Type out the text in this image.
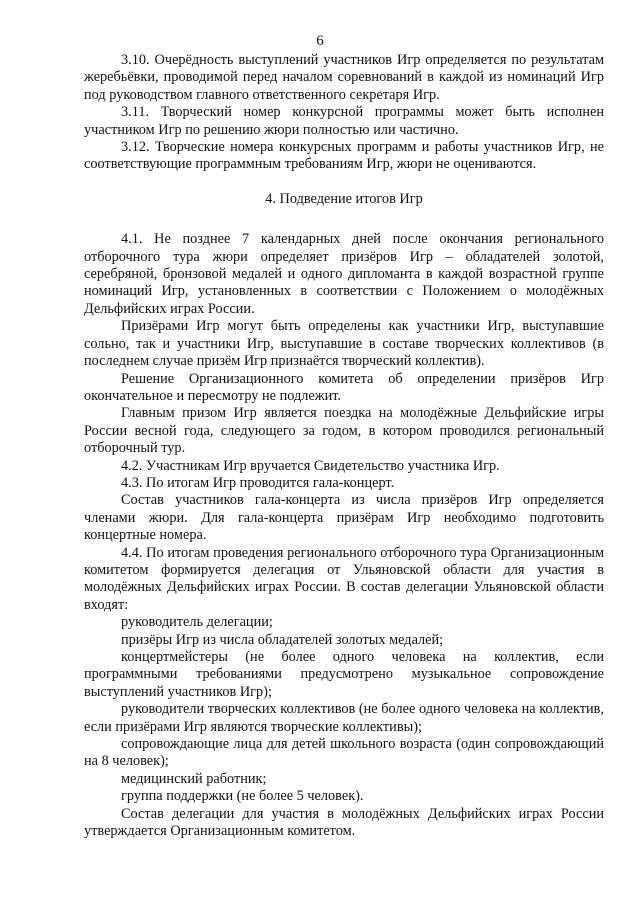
6

3.10. Очерёдность выступлений участников Игр определяется по результатам жеребьёвки, проводимой перед началом соревнований в каждой из номинаций Игр под руководством главного ответственного секретаря Игр.

3.11. Творческий номер конкурсной программы может быть исполнен участником Игр по решению жюри полностью или частично.

3.12. Творческие номера конкурсных программ и работы участников Игр, не соответствующие программным требованиям Игр, жюри не оцениваются.

4. Подведение итогов Игр

4.1. Не позднее 7 календарных дней после окончания регионального отборочного тура жюри определяет призёров Игр – обладателей золотой, серебряной, бронзовой медалей и одного дипломанта в каждой возрастной группе номинаций Игр, установленных в соответствии с Положением о молодёжных Дельфийских играх России.

Призёрами Игр могут быть определены как участники Игр, выступавшие сольно, так и участники Игр, выступавшие в составе творческих коллективов (в последнем случае призём Игр признаётся творческий коллектив).

Решение Организационного комитета об определении призёров Игр окончательное и пересмотру не подлежит.

Главным призом Игр является поездка на молодёжные Дельфийские игры России весной года, следующего за годом, в котором проводился региональный отборочный тур.

4.2. Участникам Игр вручается Свидетельство участника Игр.

4.3. По итогам Игр проводится гала-концерт.

Состав участников гала-концерта из числа призёров Игр определяется членами жюри. Для гала-концерта призёрам Игр необходимо подготовить концертные номера.

4.4. По итогам проведения регионального отборочного тура Организационным комитетом формируется делегация от Ульяновской области для участия в молодёжных Дельфийских играх России. В состав делегации Ульяновской области входят:

руководитель делегации;

призёры Игр из числа обладателей золотых медалей;

концертмейстеры (не более одного человека на коллектив, если программными требованиями предусмотрено музыкальное сопровождение выступлений участников Игр);

руководители творческих коллективов (не более одного человека на коллектив, если призёрами Игр являются творческие коллективы);

сопровождающие лица для детей школьного возраста (один сопровождающий на 8 человек);

медицинский работник;

группа поддержки (не более 5 человек).

Состав делегации для участия в молодёжных Дельфийских играх России утверждается Организационным комитетом.
